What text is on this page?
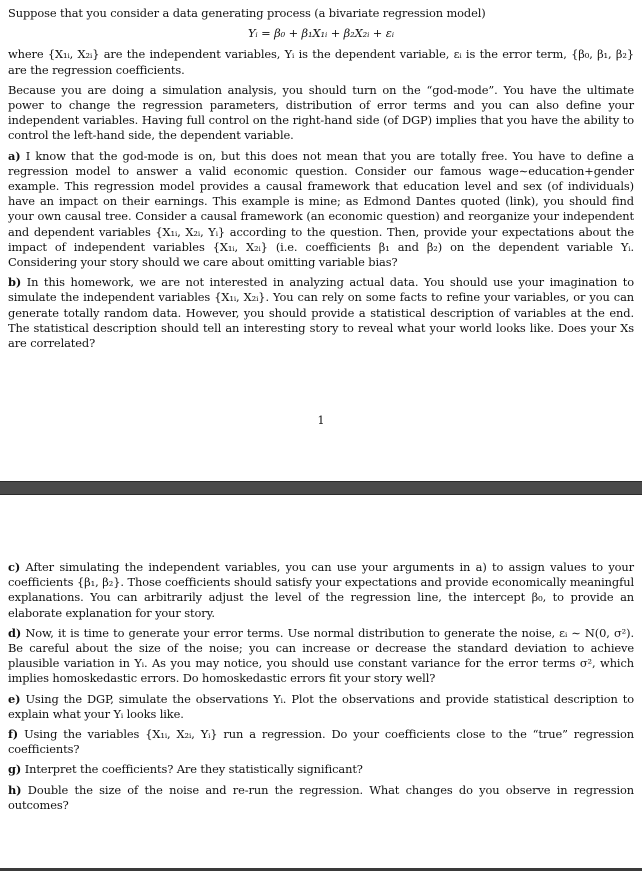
Suppose that you consider a data generating process (a bivariate regression model)

Yᵢ = β₀ + β₁X₁ᵢ + β₂X₂ᵢ + εᵢ

where {X₁ᵢ, X₂ᵢ} are the independent variables, Yᵢ is the dependent variable, εᵢ is the error term, {β₀, β₁, β₂} are the regression coefficients.

Because you are doing a simulation analysis, you should turn on the “god-mode”. You have the ultimate power to change the regression parameters, distribution of error terms and you can also define your independent variables. Having full control on the right-hand side (of DGP) implies that you have the ability to control the left-hand side, the dependent variable.

a) I know that the god-mode is on, but this does not mean that you are totally free. You have to define a regression model to answer a valid economic question. Consider our famous wage∼education+gender example. This regression model provides a causal framework that education level and sex (of individuals) have an impact on their earnings. This example is mine; as Edmond Dantes quoted (link), you should find your own causal tree. Consider a causal framework (an economic question) and reorganize your independent and dependent variables {X₁ᵢ, X₂ᵢ, Yᵢ} according to the question. Then, provide your expectations about the impact of independent variables {X₁ᵢ, X₂ᵢ} (i.e. coefficients β₁ and β₂) on the dependent variable Yᵢ. Considering your story should we care about omitting variable bias?

b) In this homework, we are not interested in analyzing actual data. You should use your imagination to simulate the independent variables {X₁ᵢ, X₂ᵢ}. You can rely on some facts to refine your variables, or you can generate totally random data. However, you should provide a statistical description of variables at the end. The statistical description should tell an interesting story to reveal what your world looks like. Does your Xs are correlated?

1

c) After simulating the independent variables, you can use your arguments in a) to assign values to your coefficients {β₁, β₂}. Those coefficients should satisfy your expectations and provide economically meaningful explanations. You can arbitrarily adjust the level of the regression line, the intercept β₀, to provide an elaborate explanation for your story.

d) Now, it is time to generate your error terms. Use normal distribution to generate the noise, εᵢ ∼ N(0, σ²). Be careful about the size of the noise; you can increase or decrease the standard deviation to achieve plausible variation in Yᵢ. As you may notice, you should use constant variance for the error terms σ², which implies homoskedastic errors. Do homoskedastic errors fit your story well?

e) Using the DGP, simulate the observations Yᵢ. Plot the observations and provide statistical description to explain what your Yᵢ looks like.

f) Using the variables {X₁ᵢ, X₂ᵢ, Yᵢ} run a regression. Do your coefficients close to the “true” regression coefficients?

g) Interpret the coefficients? Are they statistically significant?

h) Double the size of the noise and re-run the regression. What changes do you observe in regression outcomes?
